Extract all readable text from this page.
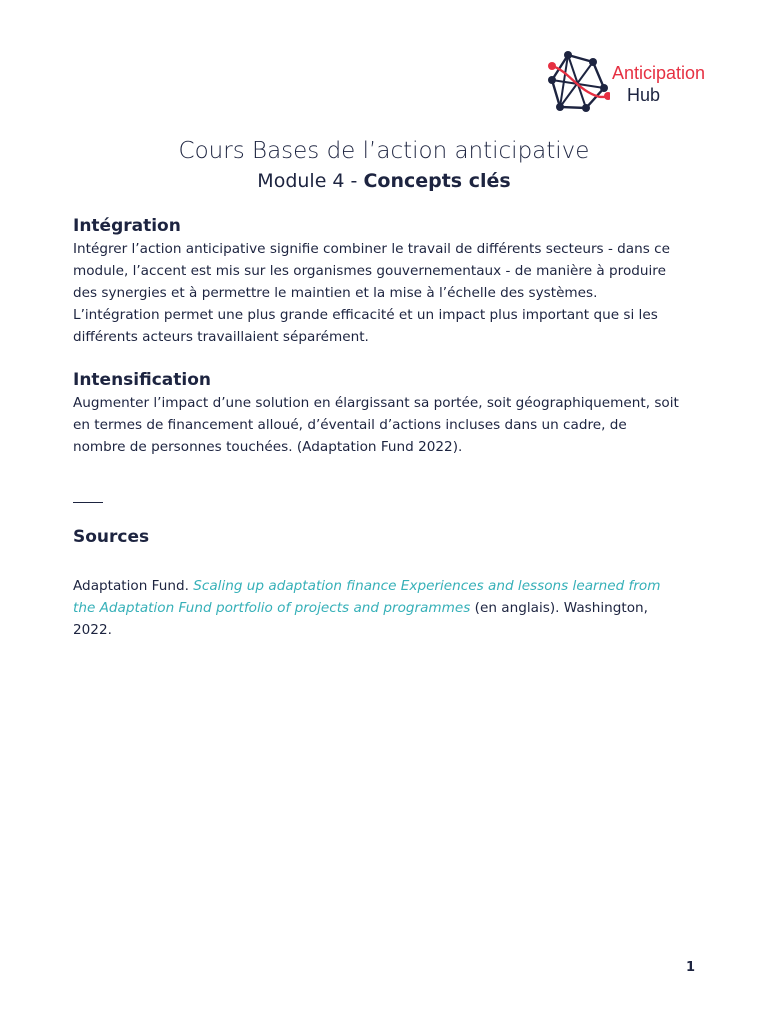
Anticipation
Hub

Cours Bases de l’action anticipative

Module 4 - Concepts clés

Intégration

Intégrer l’action anticipative signifie combiner le travail de différents secteurs - dans ce

module, l’accent est mis sur les organismes gouvernementaux - de manière à produire

des synergies et à permettre le maintien et la mise à l’échelle des systèmes.

L’intégration permet une plus grande efficacité et un impact plus important que si les

différents acteurs travaillaient séparément.

Intensification

Augmenter l’impact d’une solution en élargissant sa portée, soit géographiquement, soit

en termes de financement alloué, d’éventail d’actions incluses dans un cadre, de

nombre de personnes touchées. (Adaptation Fund 2022).

Sources

Adaptation Fund. Scaling up adaptation finance Experiences and lessons learned from

the Adaptation Fund portfolio of projects and programmes (en anglais). Washington,

2022.

1
